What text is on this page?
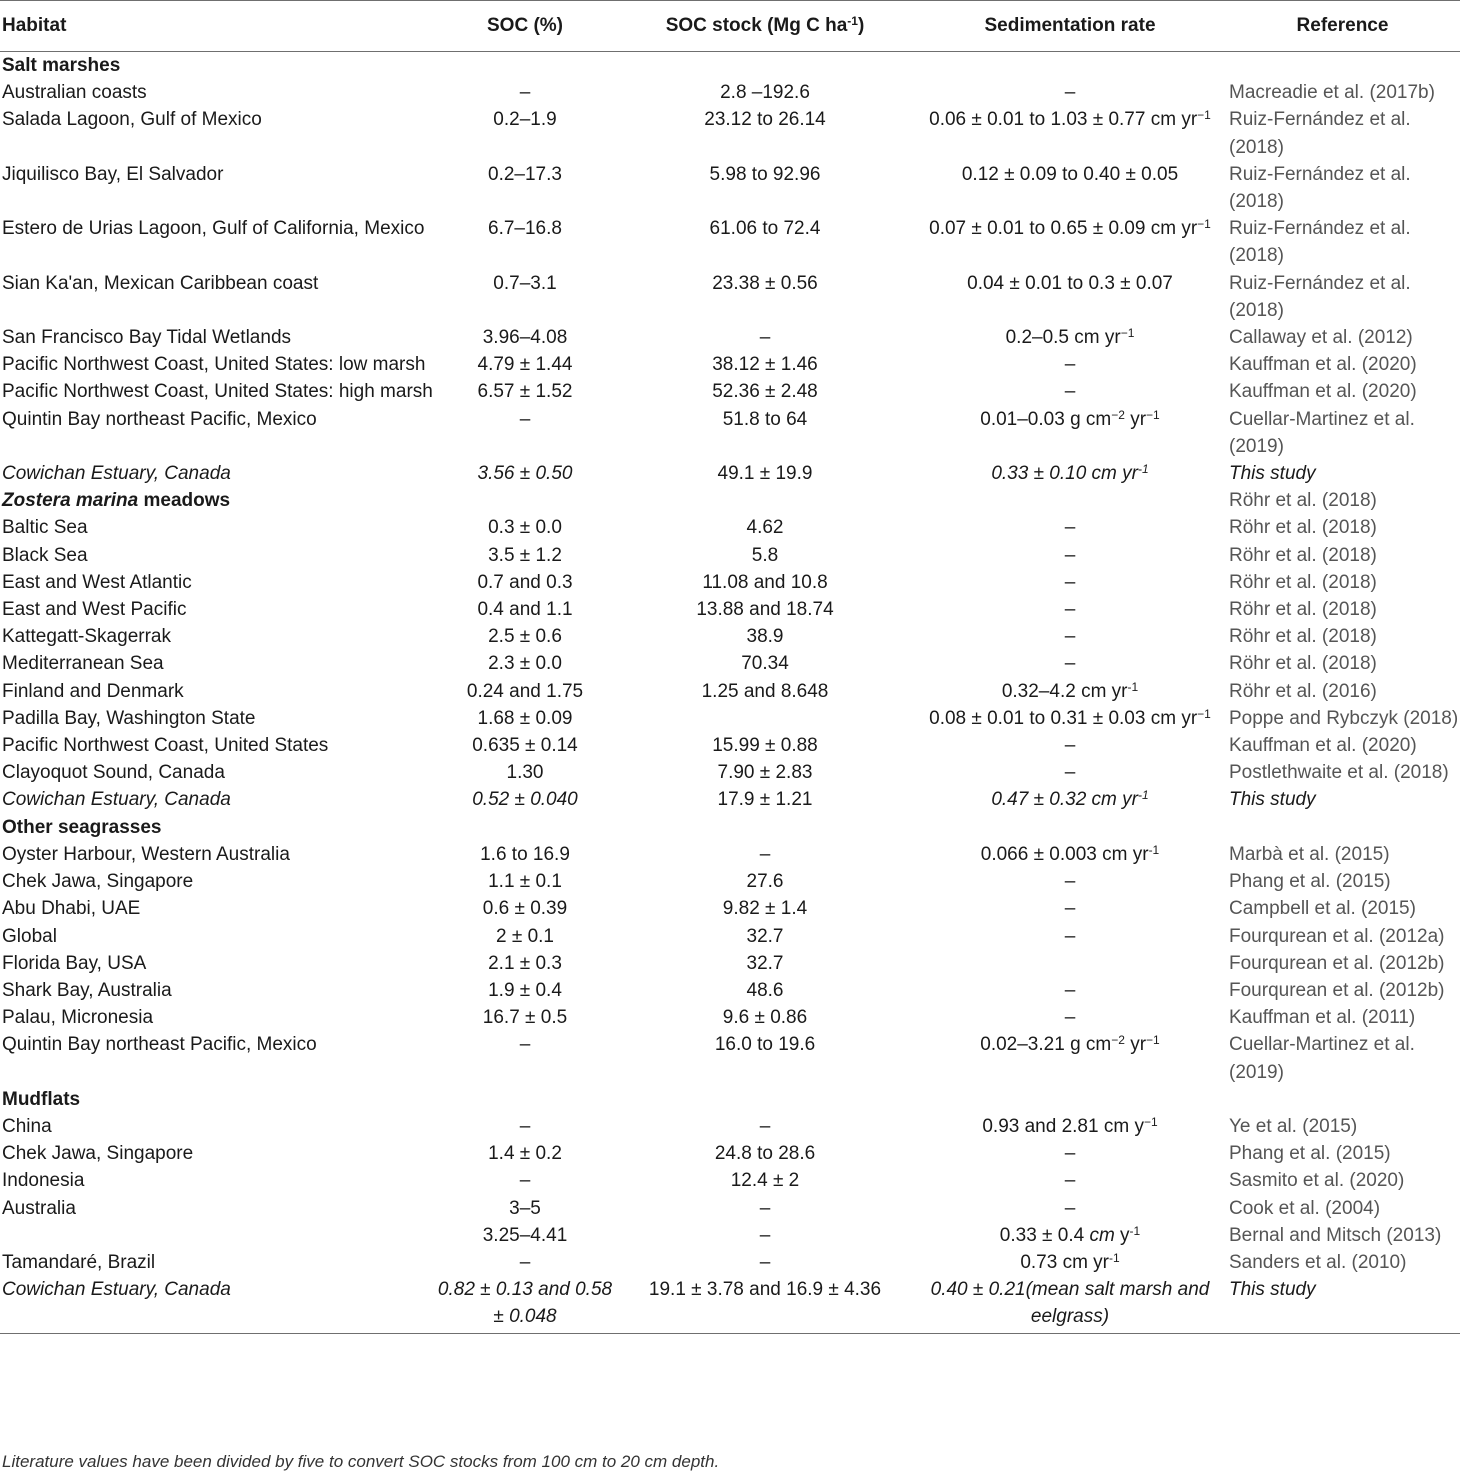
Habitat	SOC (%)	SOC stock (Mg C $ha^{-1}$)	Sedimentation rate	Reference
Salt marshes				
Australian coasts	–	2.8 –192.6	–	Macreadie et al. (2017b)
Salada Lagoon, Gulf of Mexico	0.2–1.9	23.12 to 26.14	0.06 ± 0.01 to 1.03 ± 0.77 cm $yr^{-1}$	Ruiz-Fernández et al. (2018)
Jiquilisco Bay, El Salvador	0.2–17.3	5.98 to 92.96	0.12 ± 0.09 to 0.40 ± 0.05	Ruiz-Fernández et al. (2018)
Estero de Urias Lagoon, Gulf of California, Mexico	6.7–16.8	61.06 to 72.4	0.07 ± 0.01 to 0.65 ± 0.09 cm $yr^{-1}$	Ruiz-Fernández et al. (2018)
Sian Ka'an, Mexican Caribbean coast	0.7–3.1	23.38 ± 0.56	0.04 ± 0.01 to 0.3 ± 0.07	Ruiz-Fernández et al. (2018)
San Francisco Bay Tidal Wetlands	3.96–4.08	–	0.2–0.5 cm $yr^{-1}$	Callaway et al. (2012)
Pacific Northwest Coast, United States: low marsh	4.79 ± 1.44	38.12 ± 1.46	–	Kauffman et al. (2020)
Pacific Northwest Coast, United States: high marsh	6.57 ± 1.52	52.36 ± 2.48	–	Kauffman et al. (2020)
Quintin Bay northeast Pacific, Mexico	–	51.8 to 64	0.01–0.03 g $cm^{-2}$ $yr^{-1}$	Cuellar-Martinez et al. (2019)
Cowichan Estuary, Canada	3.56 ± 0.50	49.1 ± 19.9	0.33 ± 0.10 cm $yr^{-1}$	This study
Zostera marina meadows				Röhr et al. (2018)
Baltic Sea	0.3 ± 0.0	4.62	–	Röhr et al. (2018)
Black Sea	3.5 ± 1.2	5.8	–	Röhr et al. (2018)
East and West Atlantic	0.7 and 0.3	11.08 and 10.8	–	Röhr et al. (2018)
East and West Pacific	0.4 and 1.1	13.88 and 18.74	–	Röhr et al. (2018)
Kattegatt-Skagerrak	2.5 ± 0.6	38.9	–	Röhr et al. (2018)
Mediterranean Sea	2.3 ± 0.0	70.34	–	Röhr et al. (2018)
Finland and Denmark	0.24 and 1.75	1.25 and 8.648	0.32–4.2 cm $yr^{-1}$	Röhr et al. (2016)
Padilla Bay, Washington State	1.68 ± 0.09		0.08 ± 0.01 to 0.31 ± 0.03 cm $yr^{-1}$	Poppe and Rybczyk (2018)
Pacific Northwest Coast, United States	0.635 ± 0.14	15.99 ± 0.88	–	Kauffman et al. (2020)
Clayoquot Sound, Canada	1.30	7.90 ± 2.83	–	Postlethwaite et al. (2018)
Cowichan Estuary, Canada	0.52 ± 0.040	17.9 ± 1.21	0.47 ± 0.32 cm $yr^{-1}$	This study
Other seagrasses				
Oyster Harbour, Western Australia	1.6 to 16.9	–	0.066 ± 0.003 cm $yr^{-1}$	Marbà et al. (2015)
Chek Jawa, Singapore	1.1 ± 0.1	27.6	–	Phang et al. (2015)
Abu Dhabi, UAE	0.6 ± 0.39	9.82 ± 1.4	–	Campbell et al. (2015)
Global	2 ± 0.1	32.7	–	Fourqurean et al. (2012a)
Florida Bay, USA	2.1 ± 0.3	32.7		Fourqurean et al. (2012b)
Shark Bay, Australia	1.9 ± 0.4	48.6	–	Fourqurean et al. (2012b)
Palau, Micronesia	16.7 ± 0.5	9.6 ± 0.86	–	Kauffman et al. (2011)
Quintin Bay northeast Pacific, Mexico	–	16.0 to 19.6	0.02–3.21 g $cm^{-2}$ $yr^{-1}$	Cuellar-Martinez et al. (2019)
Mudflats				
China	–	–	0.93 and 2.81 cm $y^{-1}$	Ye et al. (2015)
Chek Jawa, Singapore	1.4 ± 0.2	24.8 to 28.6	–	Phang et al. (2015)
Indonesia	–	12.4 ± 2	–	Sasmito et al. (2020)
Australia	3–5	–	–	Cook et al. (2004)
	3.25–4.41	–	0.33 ± 0.4 cm $y^{-1}$	Bernal and Mitsch (2013)
Tamandaré, Brazil	–	–	0.73 cm $yr^{-1}$	Sanders et al. (2010)
Cowichan Estuary, Canada	0.82 ± 0.13 and 0.58 ± 0.048	19.1 ± 3.78 and 16.9 ± 4.36	0.40 ± 0.21(mean salt marsh and eelgrass)	This study
Literature values have been divided by five to convert SOC stocks from 100 cm to 20 cm depth.
